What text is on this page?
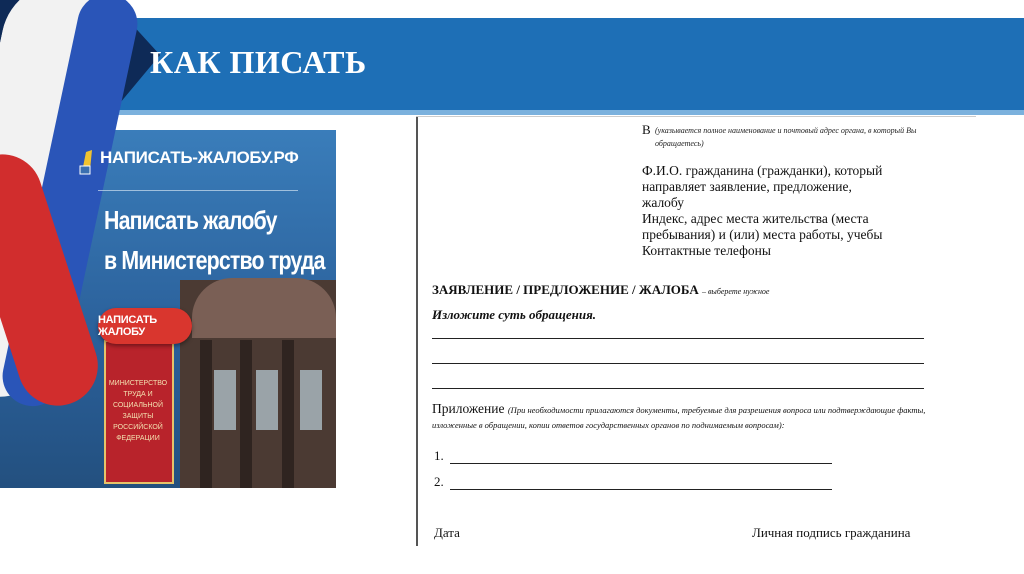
КАК ПИСАТЬ
МИНИСТЕРСТВО ТРУДА И СОЦИАЛЬНОЙ ЗАЩИТЫ РОССИЙСКОЙ ФЕДЕРАЦИИ
НАПИСАТЬ-ЖАЛОБУ.РФ
Написать жалобу
в Министерство труда
НАПИСАТЬ ЖАЛОБУ
В (указывается полное наименование и почтовый адрес органа, в который Вы обращаетесь)
Ф.И.О. гражданина (гражданки), который
направляет заявление, предложение,
жалобу
Индекс, адрес места жительства (места
пребывания) и (или) места работы, учебы
Контактные телефоны
ЗАЯВЛЕНИЕ / ПРЕДЛОЖЕНИЕ / ЖАЛОБА – выберете нужное
Изложите суть обращения.
Приложение (При необходимости прилагаются документы, требуемые для разрешения вопроса или подтверждающие факты, изложенные в обращении, копии ответов государственных органов по поднимаемым вопросам):
1.
2.
Дата	Личная подпись гражданина
